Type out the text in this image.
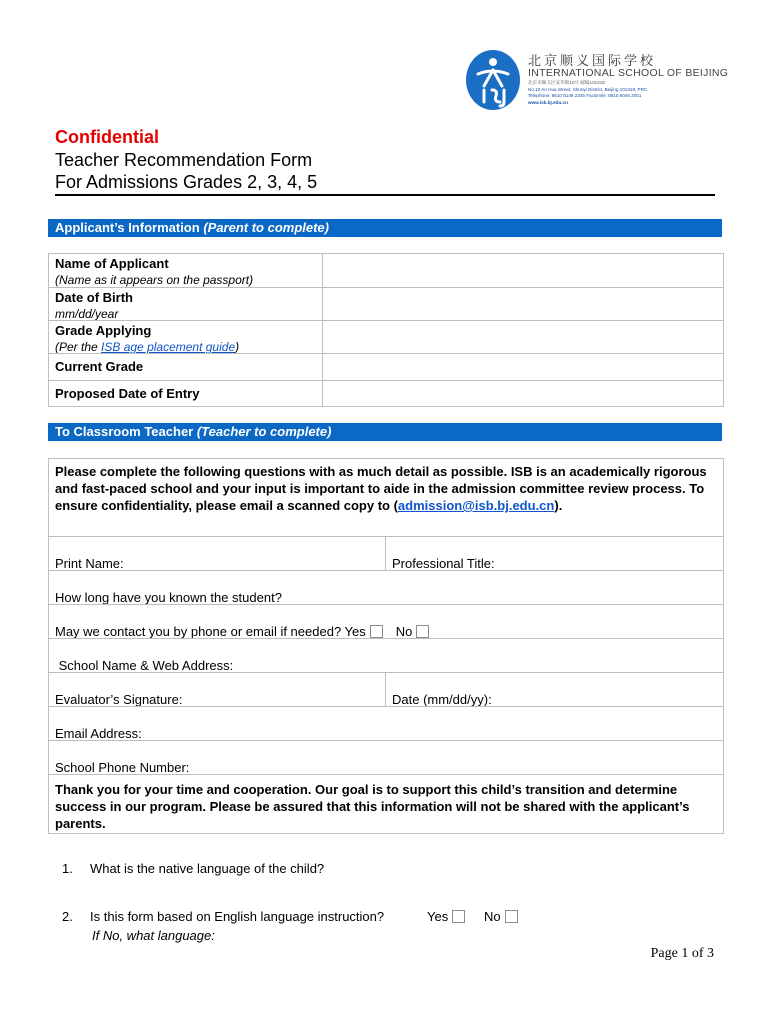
北京顺义国际学校
INTERNATIONAL SCHOOL OF BEIJING
北京市顺义区安华街10号 邮编101318
No.10 An Hua Street, Shunyi District, Beijing 101318, PRC
Telephone: 8610 8149 2345 Facsimile: 8610 8046 2001
www.isb.bj.edu.cn
Confidential
Teacher Recommendation Form
For Admissions Grades 2, 3, 4, 5
Applicant’s Information (Parent to complete)
Name of Applicant
(Name as it appears on the passport)
Date of Birth
mm/dd/year
Grade Applying
(Per the ISB age placement guide)
Current Grade
Proposed Date of Entry
To Classroom Teacher (Teacher to complete)
Please complete the following questions with as much detail as possible. ISB is an academically rigorous and fast-paced school and your input is important to aide in the admission committee review process. To ensure confidentiality, please email a scanned copy to (admission@isb.bj.edu.cn).
Print Name:	Professional Title:
How long have you known the student?
May we contact you by phone or email if needed? Yes No
School Name & Web Address:
Evaluator’s Signature:	Date (mm/dd/yy):
Email Address:
School Phone Number:
Thank you for your time and cooperation. Our goal is to support this child’s transition and determine success in our program. Please be assured that this information will not be shared with the applicant’s parents.
1. What is the native language of the child?
2. Is this form based on English language instruction?	Yes	No
If No, what language:
Page 1 of 3
